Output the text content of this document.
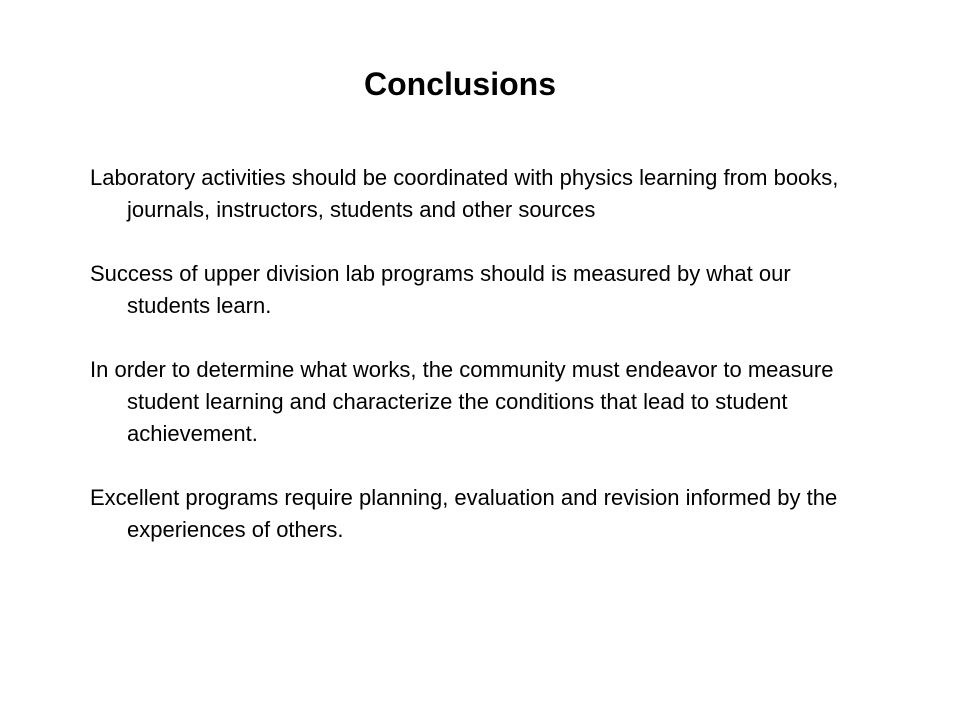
Conclusions

Laboratory activities should be coordinated with physics learning from books, journals, instructors, students and other sources

Success of upper division lab programs should is measured by what our students learn.

In order to determine what works, the community must endeavor to measure student learning and characterize the conditions that lead to student achievement.

Excellent programs require planning, evaluation and revision informed by the experiences of others.
